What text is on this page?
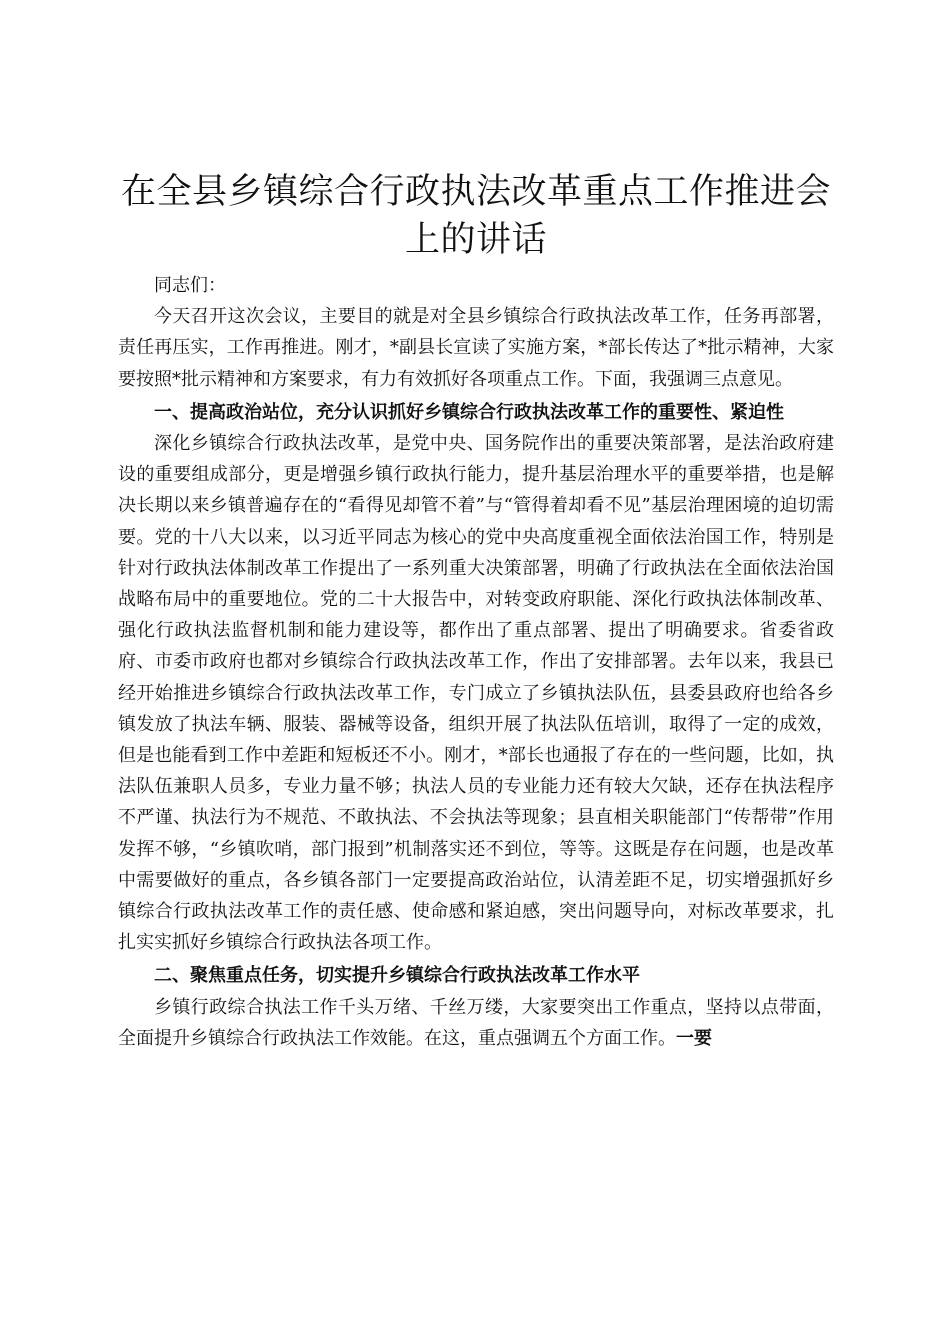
在全县乡镇综合行政执法改革重点工作推进会上的讲话

同志们：

今天召开这次会议，主要目的就是对全县乡镇综合行政执法改革工作，任务再部署，责任再压实，工作再推进。刚才，*副县长宣读了实施方案，*部长传达了*批示精神，大家要按照*批示精神和方案要求，有力有效抓好各项重点工作。下面，我强调三点意见。

一、提高政治站位，充分认识抓好乡镇综合行政执法改革工作的重要性、紧迫性

深化乡镇综合行政执法改革，是党中央、国务院作出的重要决策部署，是法治政府建设的重要组成部分，更是增强乡镇行政执行能力，提升基层治理水平的重要举措，也是解决长期以来乡镇普遍存在的“看得见却管不着”与“管得着却看不见”基层治理困境的迫切需要。党的十八大以来，以习近平同志为核心的党中央高度重视全面依法治国工作，特别是针对行政执法体制改革工作提出了一系列重大决策部署，明确了行政执法在全面依法治国战略布局中的重要地位。党的二十大报告中，对转变政府职能、深化行政执法体制改革、强化行政执法监督机制和能力建设等，都作出了重点部署、提出了明确要求。省委省政府、市委市政府也都对乡镇综合行政执法改革工作，作出了安排部署。去年以来，我县已经开始推进乡镇综合行政执法改革工作，专门成立了乡镇执法队伍，县委县政府也给各乡镇发放了执法车辆、服装、器械等设备，组织开展了执法队伍培训，取得了一定的成效，但是也能看到工作中差距和短板还不小。刚才，*部长也通报了存在的一些问题，比如，执法队伍兼职人员多，专业力量不够；执法人员的专业能力还有较大欠缺，还存在执法程序不严谨、执法行为不规范、不敢执法、不会执法等现象；县直相关职能部门“传帮带”作用发挥不够，“乡镇吹哨，部门报到”机制落实还不到位，等等。这既是存在问题，也是改革中需要做好的重点，各乡镇各部门一定要提高政治站位，认清差距不足，切实增强抓好乡镇综合行政执法改革工作的责任感、使命感和紧迫感，突出问题导向，对标改革要求，扎扎实实抓好乡镇综合行政执法各项工作。

二、聚焦重点任务，切实提升乡镇综合行政执法改革工作水平

乡镇行政综合执法工作千头万绪、千丝万缕，大家要突出工作重点，坚持以点带面，全面提升乡镇综合行政执法工作效能。在这，重点强调五个方面工作。一要
